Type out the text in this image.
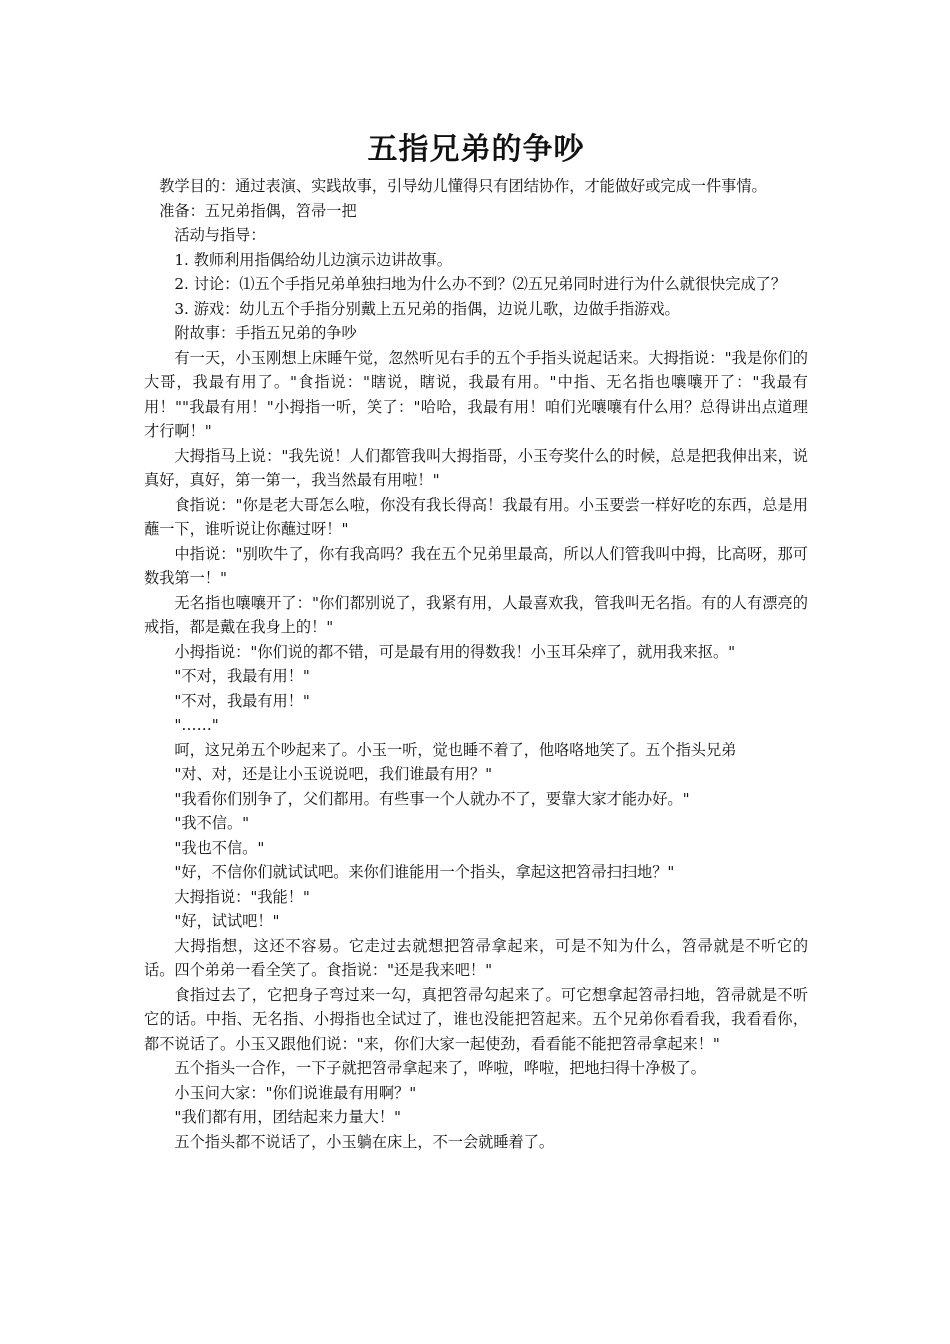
五指兄弟的争吵

教学目的：通过表演、实践故事，引导幼儿懂得只有团结协作，才能做好或完成一件事情。

准备：五兄弟指偶，笤帚一把

活动与指导：

1. 教师利用指偶给幼儿边演示边讲故事。

2. 讨论：⑴五个手指兄弟单独扫地为什么办不到？⑵五兄弟同时进行为什么就很快完成了？

3. 游戏：幼儿五个手指分别戴上五兄弟的指偶，边说儿歌，边做手指游戏。

附故事：手指五兄弟的争吵

有一天，小玉刚想上床睡午觉，忽然听见右手的五个手指头说起话来。大拇指说："我是你们的大哥，我最有用了。"食指说："瞎说，瞎说，我最有用。"中指、无名指也嚷嚷开了："我最有用！""我最有用！"小拇指一听，笑了："哈哈，我最有用！咱们光嚷嚷有什么用？总得讲出点道理才行啊！"

大拇指马上说："我先说！人们都管我叫大拇指哥，小玉夸奖什么的时候，总是把我伸出来，说真好，真好，第一第一，我当然最有用啦！"

食指说："你是老大哥怎么啦，你没有我长得高！我最有用。小玉要尝一样好吃的东西，总是用蘸一下，谁听说让你蘸过呀！"

中指说："别吹牛了，你有我高吗？我在五个兄弟里最高，所以人们管我叫中拇，比高呀，那可数我第一！"

无名指也嚷嚷开了："你们都别说了，我紧有用，人最喜欢我，管我叫无名指。有的人有漂亮的戒指，都是戴在我身上的！"

小拇指说："你们说的都不错，可是最有用的得数我！小玉耳朵痒了，就用我来抠。"

"不对，我最有用！"

"不对，我最有用！"

"……"

呵，这兄弟五个吵起来了。小玉一听，觉也睡不着了，他咯咯地笑了。五个指头兄弟

"对、对，还是让小玉说说吧，我们谁最有用？"

"我看你们别争了，父们都用。有些事一个人就办不了，要靠大家才能办好。"

"我不信。"

"我也不信。"

"好，不信你们就试试吧。来你们谁能用一个指头，拿起这把笤帚扫扫地？"

大拇指说："我能！"

"好，试试吧！"

大拇指想，这还不容易。它走过去就想把笤帚拿起来，可是不知为什么，笤帚就是不听它的话。四个弟弟一看全笑了。食指说："还是我来吧！"

食指过去了，它把身子弯过来一勾，真把笤帚勾起来了。可它想拿起笤帚扫地，笤帚就是不听它的话。中指、无名指、小拇指也全试过了，谁也没能把笤起来。五个兄弟你看看我，我看看你，都不说话了。小玉又跟他们说："来，你们大家一起使劲，看看能不能把笤帚拿起来！"

五个指头一合作，一下子就把笤帚拿起来了，哗啦，哗啦，把地扫得十净极了。

小玉问大家："你们说谁最有用啊？"

"我们都有用，团结起来力量大！"

五个指头都不说话了，小玉躺在床上，不一会就睡着了。
